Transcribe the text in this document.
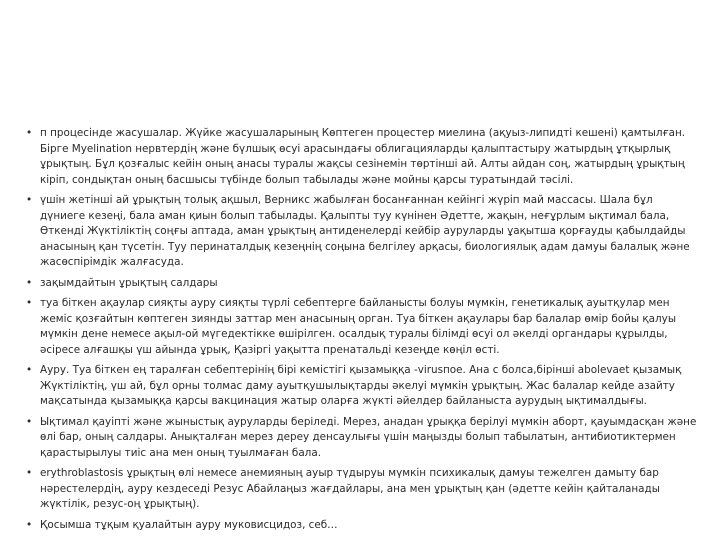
• п процесінде жасушалар. Жүйке жасушаларының Көптеген процестер миелина (ақуыз-липидті кешені) қамтылған. Бірге Myelination нервтердің және бүлшық өсуі арасындағы облигацияларды қалыптастыру жатырдың ұтқырлық ұрықтың. Бұл қозғалыс кейін оның анасы туралы жақсы сезінемін төртінші ай. Алты айдан соң, жатырдың ұрықтың кіріп, сондықтан оның басшысы түбінде болып табылады және мойны қарсы туратындай тәсілі.
• үшін жетінші ай ұрықтың толық ақшыл, Верникс жабылған босанғаннан кейінгі жүріп май массасы. Шала бұл дүниеге кезеңі, бала аман қиын болып табылады. Қалыпты туу күнінен Әдетте, жақын, неғұрлым ықтимал бала, Өткенді Жүктіліктің соңғы аптада, аман ұрықтың антиденелерді кейбір ауруларды ұақытша қорғауды қабылдайды анасының қан түсетін. Туу перинаталдық кезеңнің соңына белгілеу арқасы, биологиялық адам дамуы балалық және жасөспірімдік жалғасуда.
• зақымдайтын ұрықтың салдары
• туа біткен ақаулар сияқты ауру сияқты түрлі себептерге байланысты болуы мүмкін, генетикалық ауытқулар мен жеміс қозғайтын көптеген зиянды заттар мен анасының орган. Туа біткен ақаулары бар балалар өмір бойы қалуы мүмкін дене немесе ақыл-ой мүгедектікке өшірілген. осалдық туралы білімді өсуі ол әкелді органдары құрылды, әсіресе алғашқы үш айында ұрық, Қазіргі уақытта пренатальді кезеңде көңіл өсті.
• Ауру. Туа біткен ең таралған себептерінің бірі кемістігі қызамыққа -virusпое. Ана с болса,бірінші аbolevaet қызамық Жүктіліктің, үш ай, бұл орны толмас даму ауытқушылықтарды әкелуі мүмкін ұрықтың. Жас балалар кейде азайту мақсатында қызамыққа қарсы вакцинация жатыр оларға жүкті әйелдер байланыста аурудың ықтималдығы.
• Ықтимал қауіпті және жыныстық ауруларды берiледі. Мерез, анадан ұрыққа берілуі мүмкін аборт, қауымдасқан және өлі бар, оның салдары. Анықталған мерез дереу денсаулығы үшін маңызды болып табылатын, антибиотиктермен қарастырылуы тиіс ана мен оның туылмаған бала.
• erythroblastosis ұрықтың өлі немесе анемияның ауыр түдыруы мүмкін психикалық дамуы тежелген дамыту бар нәрестелердің, ауру кездеседі Резус Абайлаңыз жағдайлары, ана мен ұрықтың қан (әдетте кейін қайталанады жүктілік, резус-оң ұрықтың).
• Қосымша тұқым қуалайтын ауру муковисцидоз, себ…
